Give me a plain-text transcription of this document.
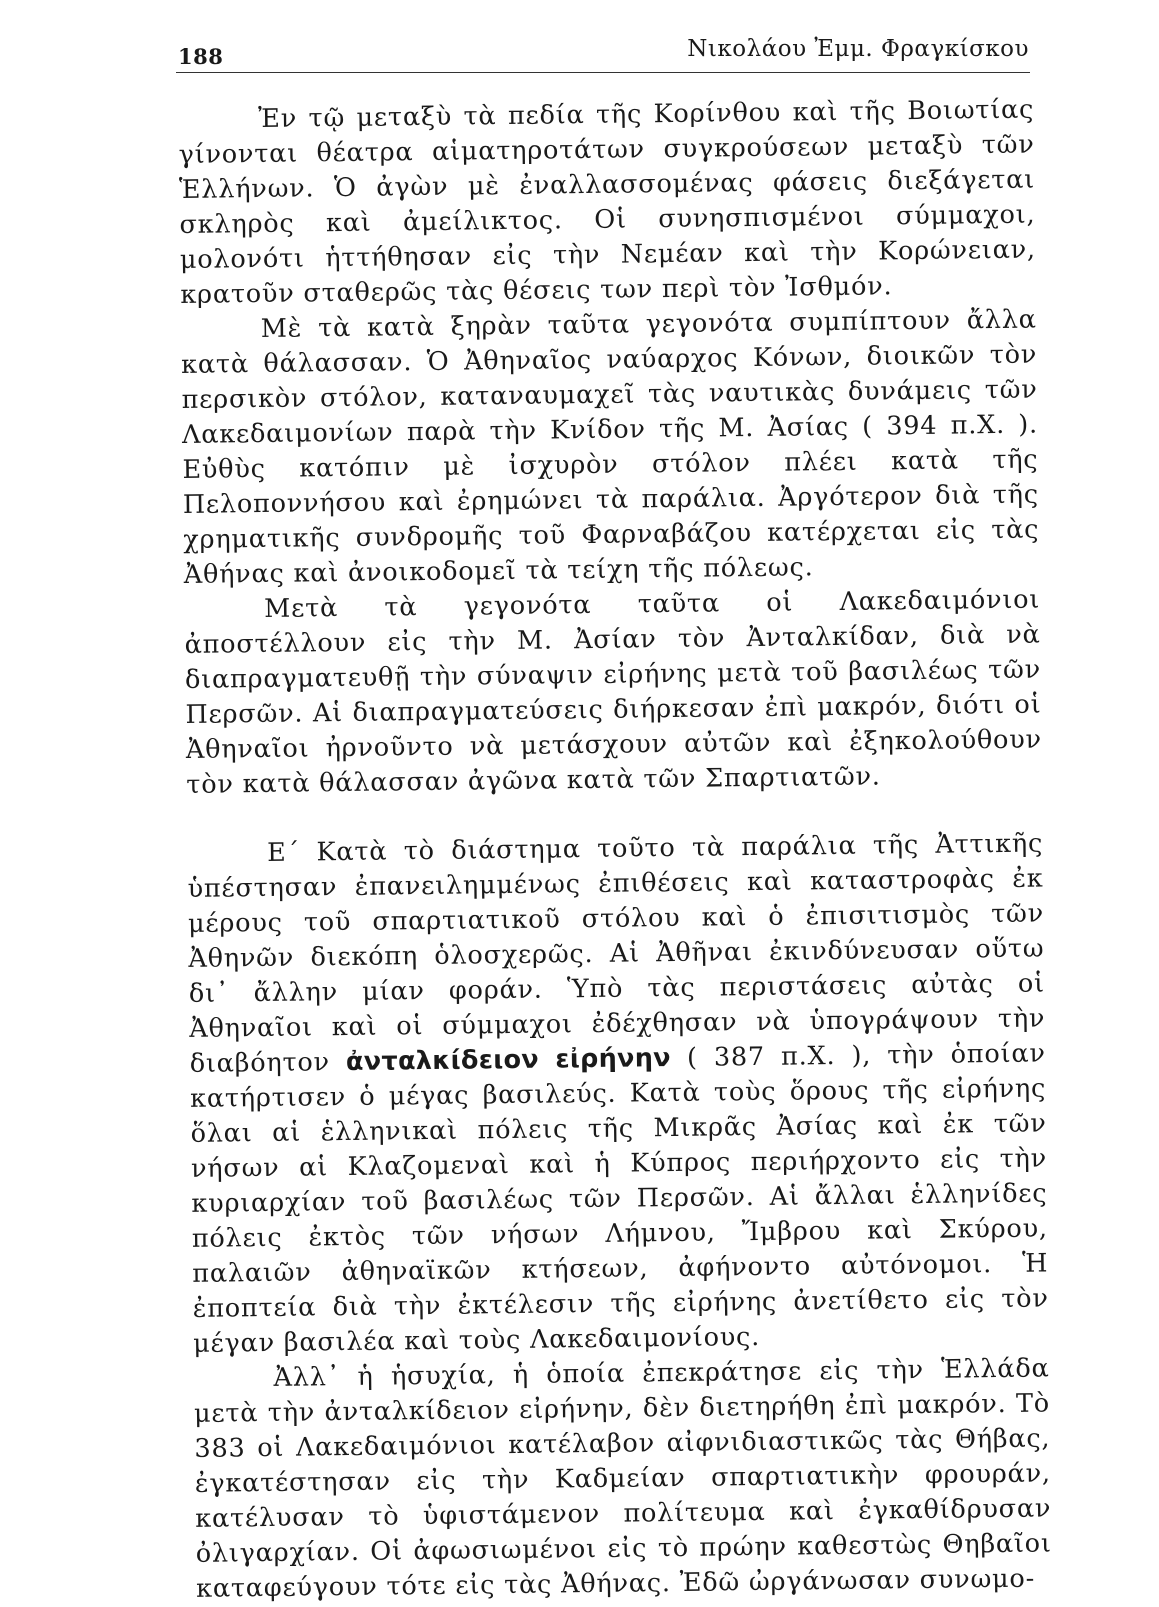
188	Νικολάου Ἐμμ. Φραγκίσκου

Ἐν τῷ μεταξὺ τὰ πεδία τῆς Κορίνθου καὶ τῆς Βοιωτίας γίνονται θέατρα αἱματηροτάτων συγκρούσεων μεταξὺ τῶν Ἑλλήνων. Ὁ ἀγὼν μὲ ἐναλλασσομένας φάσεις διεξάγεται σκληρὸς καὶ ἀμείλικτος. Οἱ συνησπισμένοι σύμμαχοι, μολονότι ἡττήθησαν εἰς τὴν Νεμέαν καὶ τὴν Κορώνειαν, κρατοῦν σταθερῶς τὰς θέσεις των περὶ τὸν Ἰσθμόν.

Μὲ τὰ κατὰ ξηρὰν ταῦτα γεγονότα συμπίπτουν ἄλλα κατὰ θάλασσαν. Ὁ Ἀθηναῖος ναύαρχος Κόνων, διοικῶν τὸν περσικὸν στόλον, καταναυμαχεῖ τὰς ναυτικὰς δυνάμεις τῶν Λακεδαιμονίων παρὰ τὴν Κνίδον τῆς Μ. Ἀσίας ( 394 π.Χ. ). Εὐθὺς κατόπιν μὲ ἰσχυρὸν στόλον πλέει κατὰ τῆς Πελοποννήσου καὶ ἐρημώνει τὰ παράλια. Ἀργότερον διὰ τῆς χρηματικῆς συνδρομῆς τοῦ Φαρναβάζου κατέρχεται εἰς τὰς Ἀθήνας καὶ ἀνοικοδομεῖ τὰ τείχη τῆς πόλεως.

Μετὰ τὰ γεγονότα ταῦτα οἱ Λακεδαιμόνιοι ἀποστέλλουν εἰς τὴν Μ. Ἀσίαν τὸν Ἀνταλκίδαν, διὰ νὰ διαπραγματευθῇ τὴν σύναψιν εἰρήνης μετὰ τοῦ βασιλέως τῶν Περσῶν. Αἱ διαπραγματεύσεις διήρκεσαν ἐπὶ μακρόν, διότι οἱ Ἀθηναῖοι ἠρνοῦντο νὰ μετάσχουν αὐτῶν καὶ ἐξηκολούθουν τὸν κατὰ θάλασσαν ἀγῶνα κατὰ τῶν Σπαρτιατῶν.

Ε΄ Κατὰ τὸ διάστημα τοῦτο τὰ παράλια τῆς Ἀττικῆς ὑπέστησαν ἐπανειλημμένως ἐπιθέσεις καὶ καταστροφὰς ἐκ μέρους τοῦ σπαρτιατικοῦ στόλου καὶ ὁ ἐπισιτισμὸς τῶν Ἀθηνῶν διεκόπη ὁλοσχερῶς. Αἱ Ἀθῆναι ἐκινδύνευσαν οὕτω δι᾽ ἄλλην μίαν φοράν. Ὑπὸ τὰς περιστάσεις αὐτὰς οἱ Ἀθηναῖοι καὶ οἱ σύμμαχοι ἐδέχθησαν νὰ ὑπογράψουν τὴν διαβόητον ἀνταλκίδειον εἰρήνην ( 387 π.Χ. ), τὴν ὁποίαν κατήρτισεν ὁ μέγας βασιλεύς. Κατὰ τοὺς ὅρους τῆς εἰρήνης ὅλαι αἱ ἑλληνικαὶ πόλεις τῆς Μικρᾶς Ἀσίας καὶ ἐκ τῶν νήσων αἱ Κλαζομεναὶ καὶ ἡ Κύπρος περιήρχοντο εἰς τὴν κυριαρχίαν τοῦ βασιλέως τῶν Περσῶν. Αἱ ἄλλαι ἑλληνίδες πόλεις ἐκτὸς τῶν νήσων Λήμνου, Ἴμβρου καὶ Σκύρου, παλαιῶν ἀθηναϊκῶν κτήσεων, ἀφήνοντο αὐτόνομοι. Ἡ ἐποπτεία διὰ τὴν ἐκτέλεσιν τῆς εἰρήνης ἀνετίθετο εἰς τὸν μέγαν βασιλέα καὶ τοὺς Λακεδαιμονίους.

Ἀλλ᾽ ἡ ἡσυχία, ἡ ὁποία ἐπεκράτησε εἰς τὴν Ἑλλάδα μετὰ τὴν ἀνταλκίδειον εἰρήνην, δὲν διετηρήθη ἐπὶ μακρόν. Τὸ 383 οἱ Λακεδαιμόνιοι κατέλαβον αἰφνιδιαστικῶς τὰς Θήβας, ἐγκατέστησαν εἰς τὴν Καδμείαν σπαρτιατικὴν φρουράν, κατέλυσαν τὸ ὑφιστάμενον πολίτευμα καὶ ἐγκαθίδρυσαν ὀλιγαρχίαν. Οἱ ἀφωσιωμένοι εἰς τὸ πρώην καθεστὼς Θηβαῖοι καταφεύγουν τότε εἰς τὰς Ἀθήνας. Ἐδῶ ὠργάνωσαν συνωμο-
